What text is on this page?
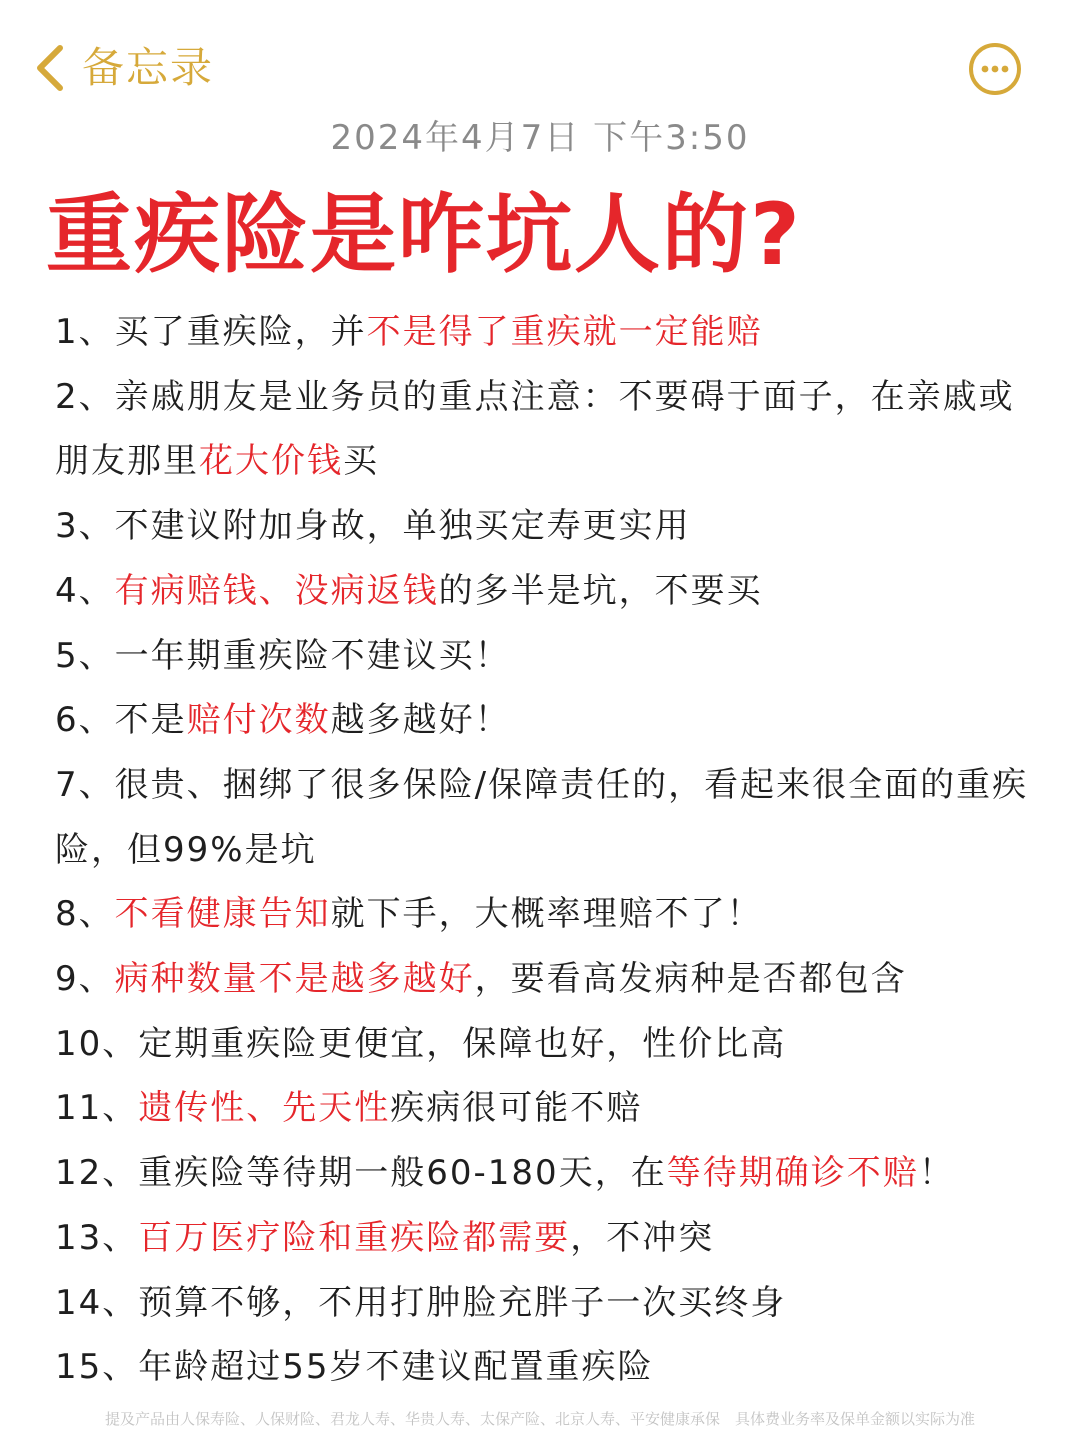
备忘录
2024年4月7日 下午3:50
重疾险是咋坑人的?
1、买了重疾险，并不是得了重疾就一定能赔
2、亲戚朋友是业务员的重点注意：不要碍于面子，在亲戚或朋友那里花大价钱买
3、不建议附加身故，单独买定寿更实用
4、有病赔钱、没病返钱的多半是坑，不要买
5、一年期重疾险不建议买！
6、不是赔付次数越多越好！
7、很贵、捆绑了很多保险/保障责任的，看起来很全面的重疾险，但99%是坑
8、不看健康告知就下手，大概率理赔不了！
9、病种数量不是越多越好，要看高发病种是否都包含
10、定期重疾险更便宜，保障也好，性价比高
11、遗传性、先天性疾病很可能不赔
12、重疾险等待期一般60-180天，在等待期确诊不赔！
13、百万医疗险和重疾险都需要，不冲突
14、预算不够，不用打肿脸充胖子一次买终身
15、年龄超过55岁不建议配置重疾险
提及产品由人保寿险、人保财险、君龙人寿、华贵人寿、太保产险、北京人寿、平安健康承保　具体费业务率及保单金额以实际为准
